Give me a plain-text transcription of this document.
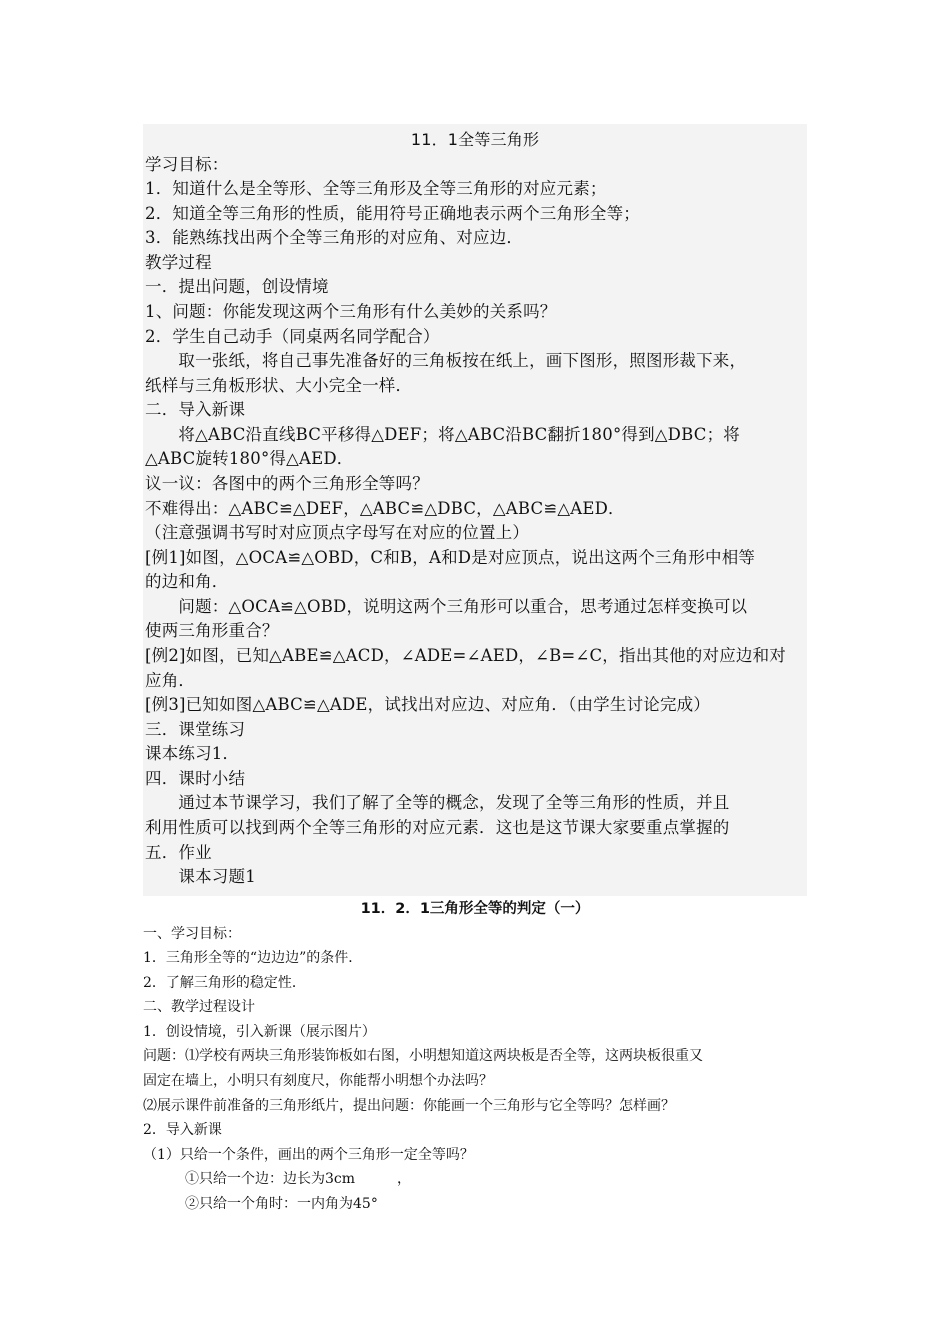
11．1全等三角形
学习目标：
1．知道什么是全等形、全等三角形及全等三角形的对应元素；
2．知道全等三角形的性质，能用符号正确地表示两个三角形全等；
3．能熟练找出两个全等三角形的对应角、对应边．
教学过程
一．提出问题，创设情境
1、问题：你能发现这两个三角形有什么美妙的关系吗？
2．学生自己动手（同桌两名同学配合）
　　取一张纸，将自己事先准备好的三角板按在纸上，画下图形，照图形裁下来，
纸样与三角板形状、大小完全一样．
二．导入新课
　　将△ABC沿直线BC平移得△DEF；将△ABC沿BC翻折180°得到△DBC；将
△ABC旋转180°得△AED．
议一议：各图中的两个三角形全等吗？
不难得出：△ABC≌△DEF，△ABC≌△DBC，△ABC≌△AED．
（注意强调书写时对应顶点字母写在对应的位置上）
[例1]如图，△OCA≌△OBD，C和B，A和D是对应顶点，说出这两个三角形中相等
的边和角．
　　问题：△OCA≌△OBD，说明这两个三角形可以重合，思考通过怎样变换可以
使两三角形重合？
[例2]如图，已知△ABE≌△ACD，∠ADE=∠AED，∠B=∠C，指出其他的对应边和对
应角．
[例3]已知如图△ABC≌△ADE，试找出对应边、对应角．（由学生讨论完成）
三．课堂练习
课本练习1．
四．课时小结
　　通过本节课学习，我们了解了全等的概念，发现了全等三角形的性质，并且
利用性质可以找到两个全等三角形的对应元素．这也是这节课大家要重点掌握的
五．作业
　　课本习题1
11．2．1三角形全等的判定（一）
一、学习目标：
1．三角形全等的“边边边”的条件．
2．了解三角形的稳定性．
二、教学过程设计
1．创设情境，引入新课（展示图片）
问题：⑴学校有两块三角形装饰板如右图，小明想知道这两块板是否全等，这两块板很重又
固定在墙上，小明只有刻度尺，你能帮小明想个办法吗？
⑵展示课件前准备的三角形纸片，提出问题：你能画一个三角形与它全等吗？怎样画？
2．导入新课
（1）只给一个条件，画出的两个三角形一定全等吗？
　　　①只给一个边：边长为3cm　　　，
　　　②只给一个角时：一内角为45°
